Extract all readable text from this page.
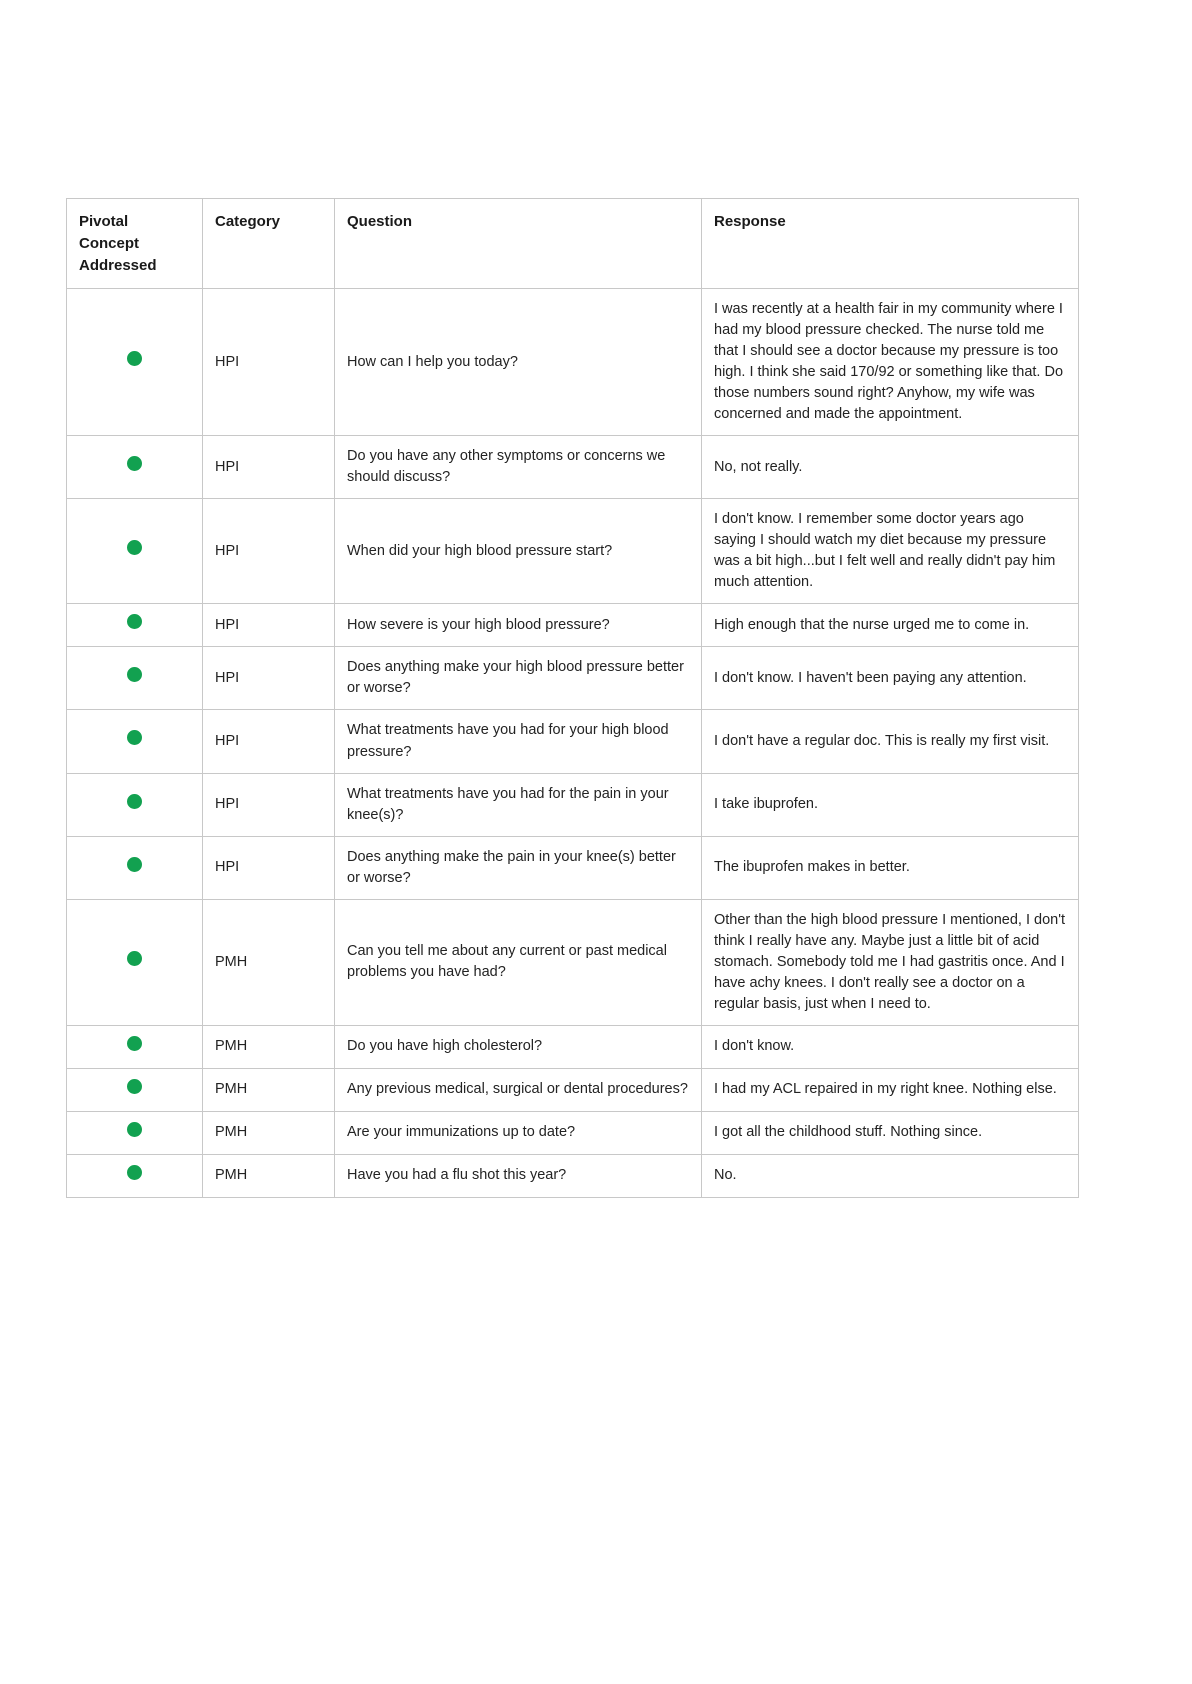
Pivotal Concept Addressed	Category	Question	Response
	HPI	How can I help you today?	I was recently at a health fair in my community where I had my blood pressure checked. The nurse told me that I should see a doctor because my pressure is too high. I think she said 170/92 or something like that. Do those numbers sound right? Anyhow, my wife was concerned and made the appointment.
	HPI	Do you have any other symptoms or concerns we should discuss?	No, not really.
	HPI	When did your high blood pressure start?	I don't know. I remember some doctor years ago saying I should watch my diet because my pressure was a bit high...but I felt well and really didn't pay him much attention.
	HPI	How severe is your high blood pressure?	High enough that the nurse urged me to come in.
	HPI	Does anything make your high blood pressure better or worse?	I don't know. I haven't been paying any attention.
	HPI	What treatments have you had for your high blood pressure?	I don't have a regular doc. This is really my first visit.
	HPI	What treatments have you had for the pain in your knee(s)?	I take ibuprofen.
	HPI	Does anything make the pain in your knee(s) better or worse?	The ibuprofen makes in better.
	PMH	Can you tell me about any current or past medical problems you have had?	Other than the high blood pressure I mentioned, I don't think I really have any. Maybe just a little bit of acid stomach. Somebody told me I had gastritis once. And I have achy knees. I don't really see a doctor on a regular basis, just when I need to.
	PMH	Do you have high cholesterol?	I don't know.
	PMH	Any previous medical, surgical or dental procedures?	I had my ACL repaired in my right knee. Nothing else.
	PMH	Are your immunizations up to date?	I got all the childhood stuff. Nothing since.
	PMH	Have you had a flu shot this year?	No.
